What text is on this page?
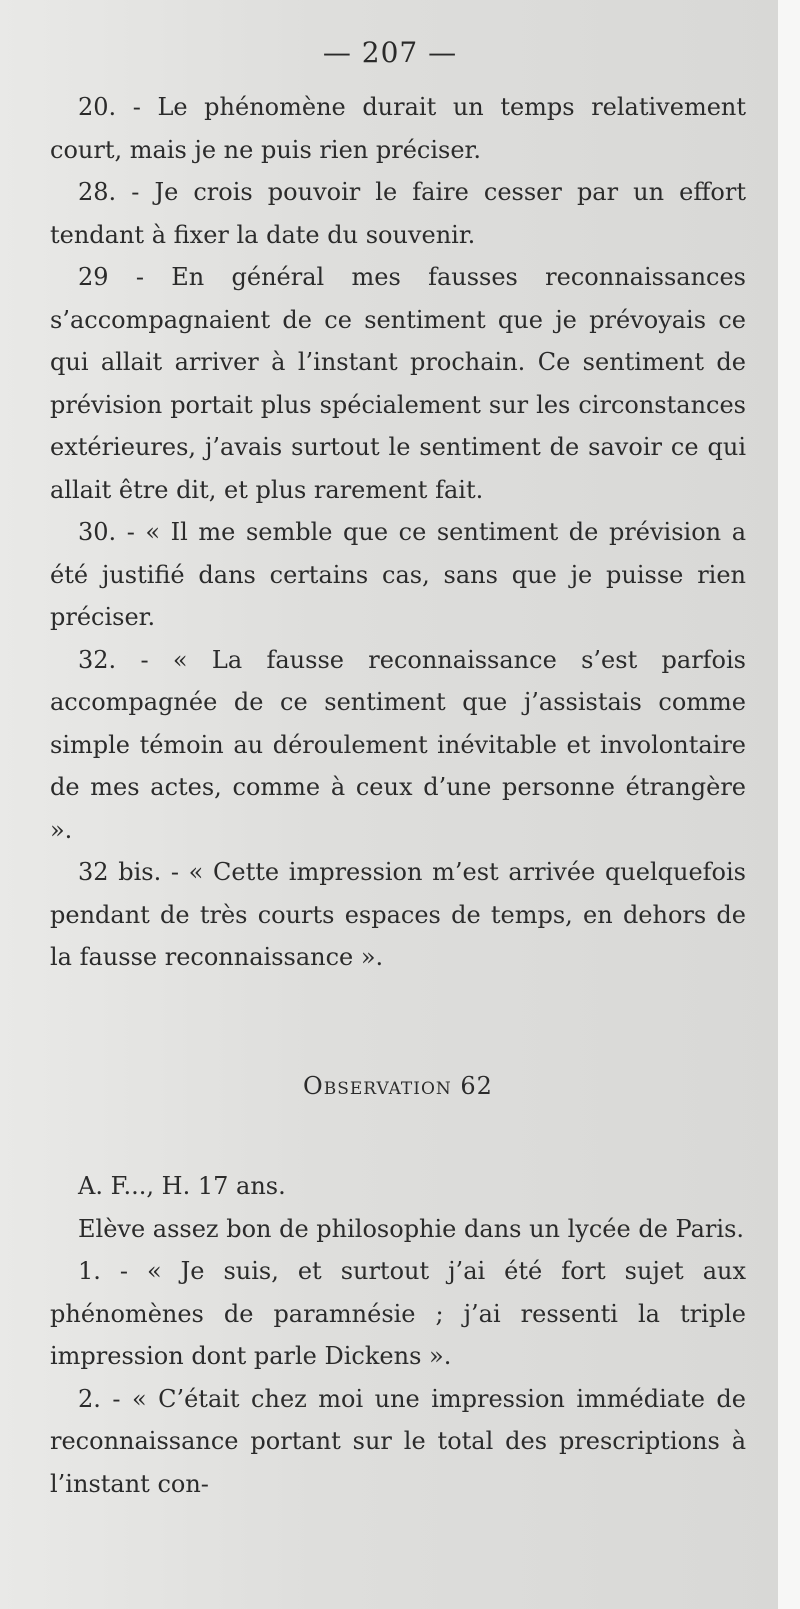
— 207 —

20. - Le phénomène durait un temps relativement court, mais je ne puis rien préciser.

28. - Je crois pouvoir le faire cesser par un effort tendant à fixer la date du souvenir.

29 - En général mes fausses reconnaissances s’accompagnaient de ce sentiment que je prévoyais ce qui allait arriver à l’instant prochain. Ce sentiment de prévision portait plus spécialement sur les circonstances extérieures, j’avais surtout le sentiment de savoir ce qui allait être dit, et plus rarement fait.

30. - « Il me semble que ce sentiment de prévision a été justifié dans certains cas, sans que je puisse rien préciser.

32. - « La fausse reconnaissance s’est parfois accompagnée de ce sentiment que j’assistais comme simple témoin au déroulement inévitable et involontaire de mes actes, comme à ceux d’une personne étrangère ».

32 bis. - « Cette impression m’est arrivée quelquefois pendant de très courts espaces de temps, en dehors de la fausse reconnaissance ».

Observation 62

A. F..., H. 17 ans.

Elève assez bon de philosophie dans un lycée de Paris.

1. - « Je suis, et surtout j’ai été fort sujet aux phénomènes de paramnésie ; j’ai ressenti la triple impression dont parle Dickens ».

2. - « C’était chez moi une impression immédiate de reconnaissance portant sur le total des prescriptions à l’instant con-
